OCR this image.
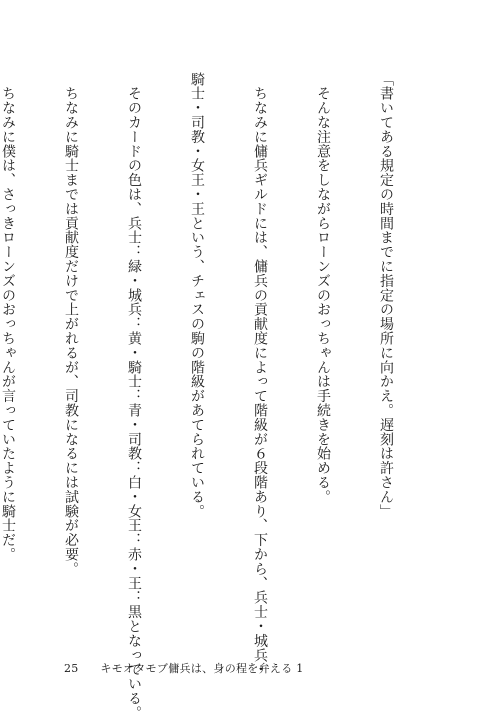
「書いてある規定の時間までに指定の場所に向かえ。遅刻は許さん」

　そんな注意をしながらローンズのおっちゃんは手続きを始める。

　ちなみに傭兵ギルドには、傭兵の貢献度によって階級が６段階あり、下から、兵士・城兵・

騎士・司教・女王・王という、チェスの駒の階級があてられている。

　そのカードの色は、兵士：緑・城兵：黄・騎士：青・司教：白・女王：赤・王：黒となっている。

　ちなみに騎士までは貢献度だけで上がれるが、司教になるには試験が必要。

　ちなみに僕は、さっきローンズのおっちゃんが言っていたように騎士だ。

25 キモオタモブ傭兵は、身の程を弁える 1
